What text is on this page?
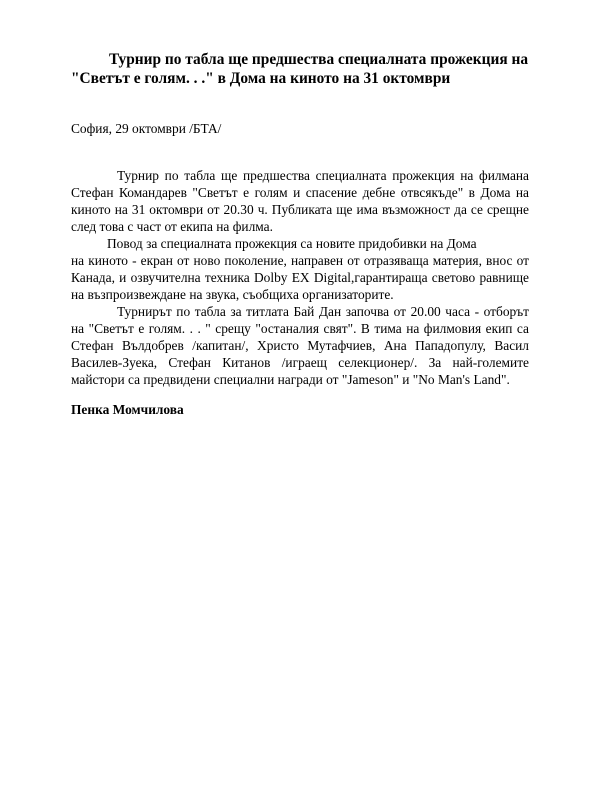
Турнир по табла ще предшества специалната прожекция на "Светът е голям. . ." в Дома на киното на 31 октомври

София, 29 октомври /БТА/

Турнир по табла ще предшества специалната прожекция на филмана Стефан Командарев "Светът е голям и спасение дебне отвсякъде" в Дома на киното на 31 октомври от 20.30 ч. Публиката ще има възможност да се срещне след това с част от екипа на филма.

Повод за специалната прожекция са новите придобивки на Дома

на киното - екран от ново поколение, направен от отразяваща материя, внос от Канада, и озвучителна техника Dolby EX Digital,гарантираща светово равнище на възпроизвеждане на звука, съобщиха организаторите.

Турнирът по табла за титлата Бай Дан започва от 20.00 часа - отборът на "Светът е голям. . . " срещу "останалия свят". В тима на филмовия екип са Стефан Вълдобрев /капитан/, Христо Мутафчиев, Ана Пападопулу, Васил Василев-Зуека, Стефан Китанов /играещ селекционер/. За най-големите майстори са предвидени специални награди от "Jameson" и "No Man's Land".

Пенка Момчилова
